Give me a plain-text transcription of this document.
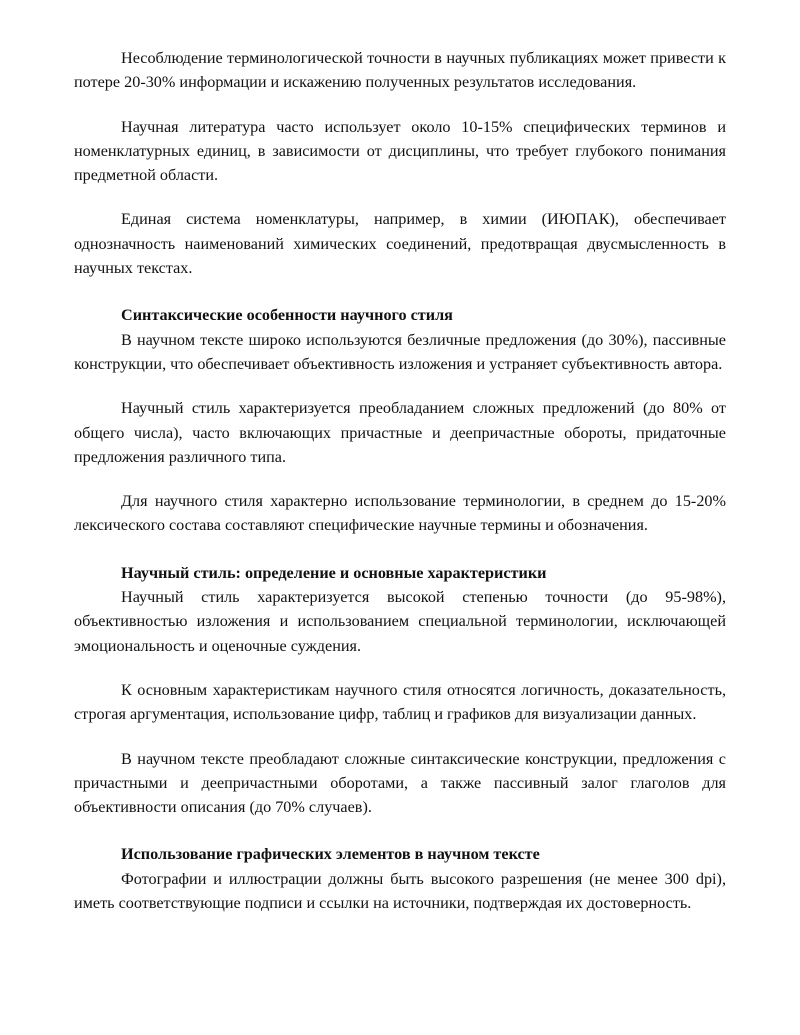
Несоблюдение терминологической точности в научных публикациях может привести к потере 20-30% информации и искажению полученных результатов исследования.

Научная литература часто использует около 10-15% специфических терминов и номенклатурных единиц, в зависимости от дисциплины, что требует глубокого понимания предметной области.

Единая система номенклатуры, например, в химии (ИЮПАК), обеспечивает однозначность наименований химических соединений, предотвращая двусмысленность в научных текстах.

Синтаксические особенности научного стиля

В научном тексте широко используются безличные предложения (до 30%), пассивные конструкции, что обеспечивает объективность изложения и устраняет субъективность автора.

Научный стиль характеризуется преобладанием сложных предложений (до 80% от общего числа), часто включающих причастные и деепричастные обороты, придаточные предложения различного типа.

Для научного стиля характерно использование терминологии, в среднем до 15-20% лексического состава составляют специфические научные термины и обозначения.

Научный стиль: определение и основные характеристики

Научный стиль характеризуется высокой степенью точности (до 95-98%), объективностью изложения и использованием специальной терминологии, исключающей эмоциональность и оценочные суждения.

К основным характеристикам научного стиля относятся логичность, доказательность, строгая аргументация, использование цифр, таблиц и графиков для визуализации данных.

В научном тексте преобладают сложные синтаксические конструкции, предложения с причастными и деепричастными оборотами, а также пассивный залог глаголов для объективности описания (до 70% случаев).

Использование графических элементов в научном тексте

Фотографии и иллюстрации должны быть высокого разрешения (не менее 300 dpi), иметь соответствующие подписи и ссылки на источники, подтверждая их достоверность.
